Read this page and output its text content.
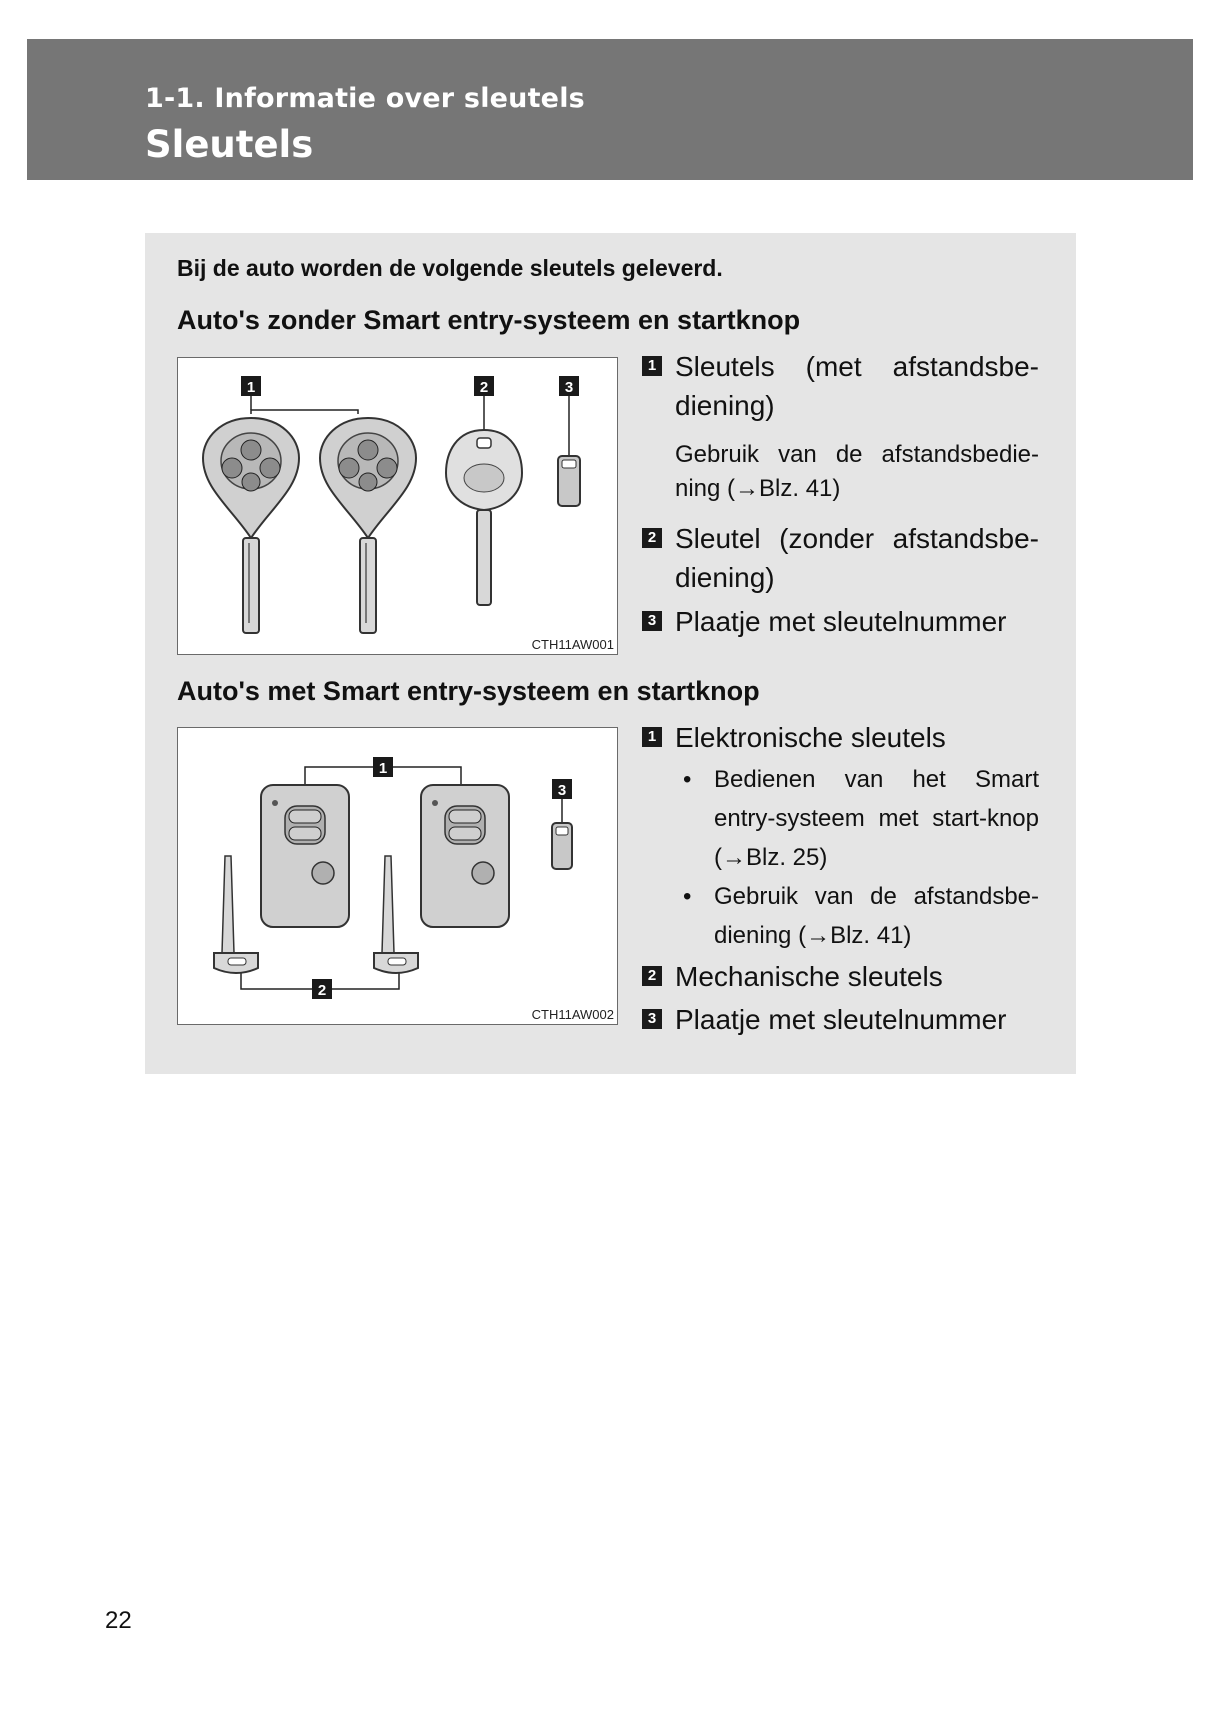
1-1. Informatie over sleutels
Sleutels
Bij de auto worden de volgende sleutels geleverd.
Auto's zonder Smart entry-systeem en startknop
1	2	3
CTH11AW001
1 Sleutels (met afstandsbe-diening)
Gebruik van de afstandsbedie-ning (→Blz. 41)
2 Sleutel (zonder afstandsbe-diening)
3 Plaatje met sleutelnummer
Auto's met Smart entry-systeem en startknop
1
2
3
CTH11AW002
1 Elektronische sleutels
• Bedienen van het Smart entry-systeem met start-knop (→Blz. 25)
• Gebruik van de afstandsbe-diening (→Blz. 41)
2 Mechanische sleutels
3 Plaatje met sleutelnummer
22
